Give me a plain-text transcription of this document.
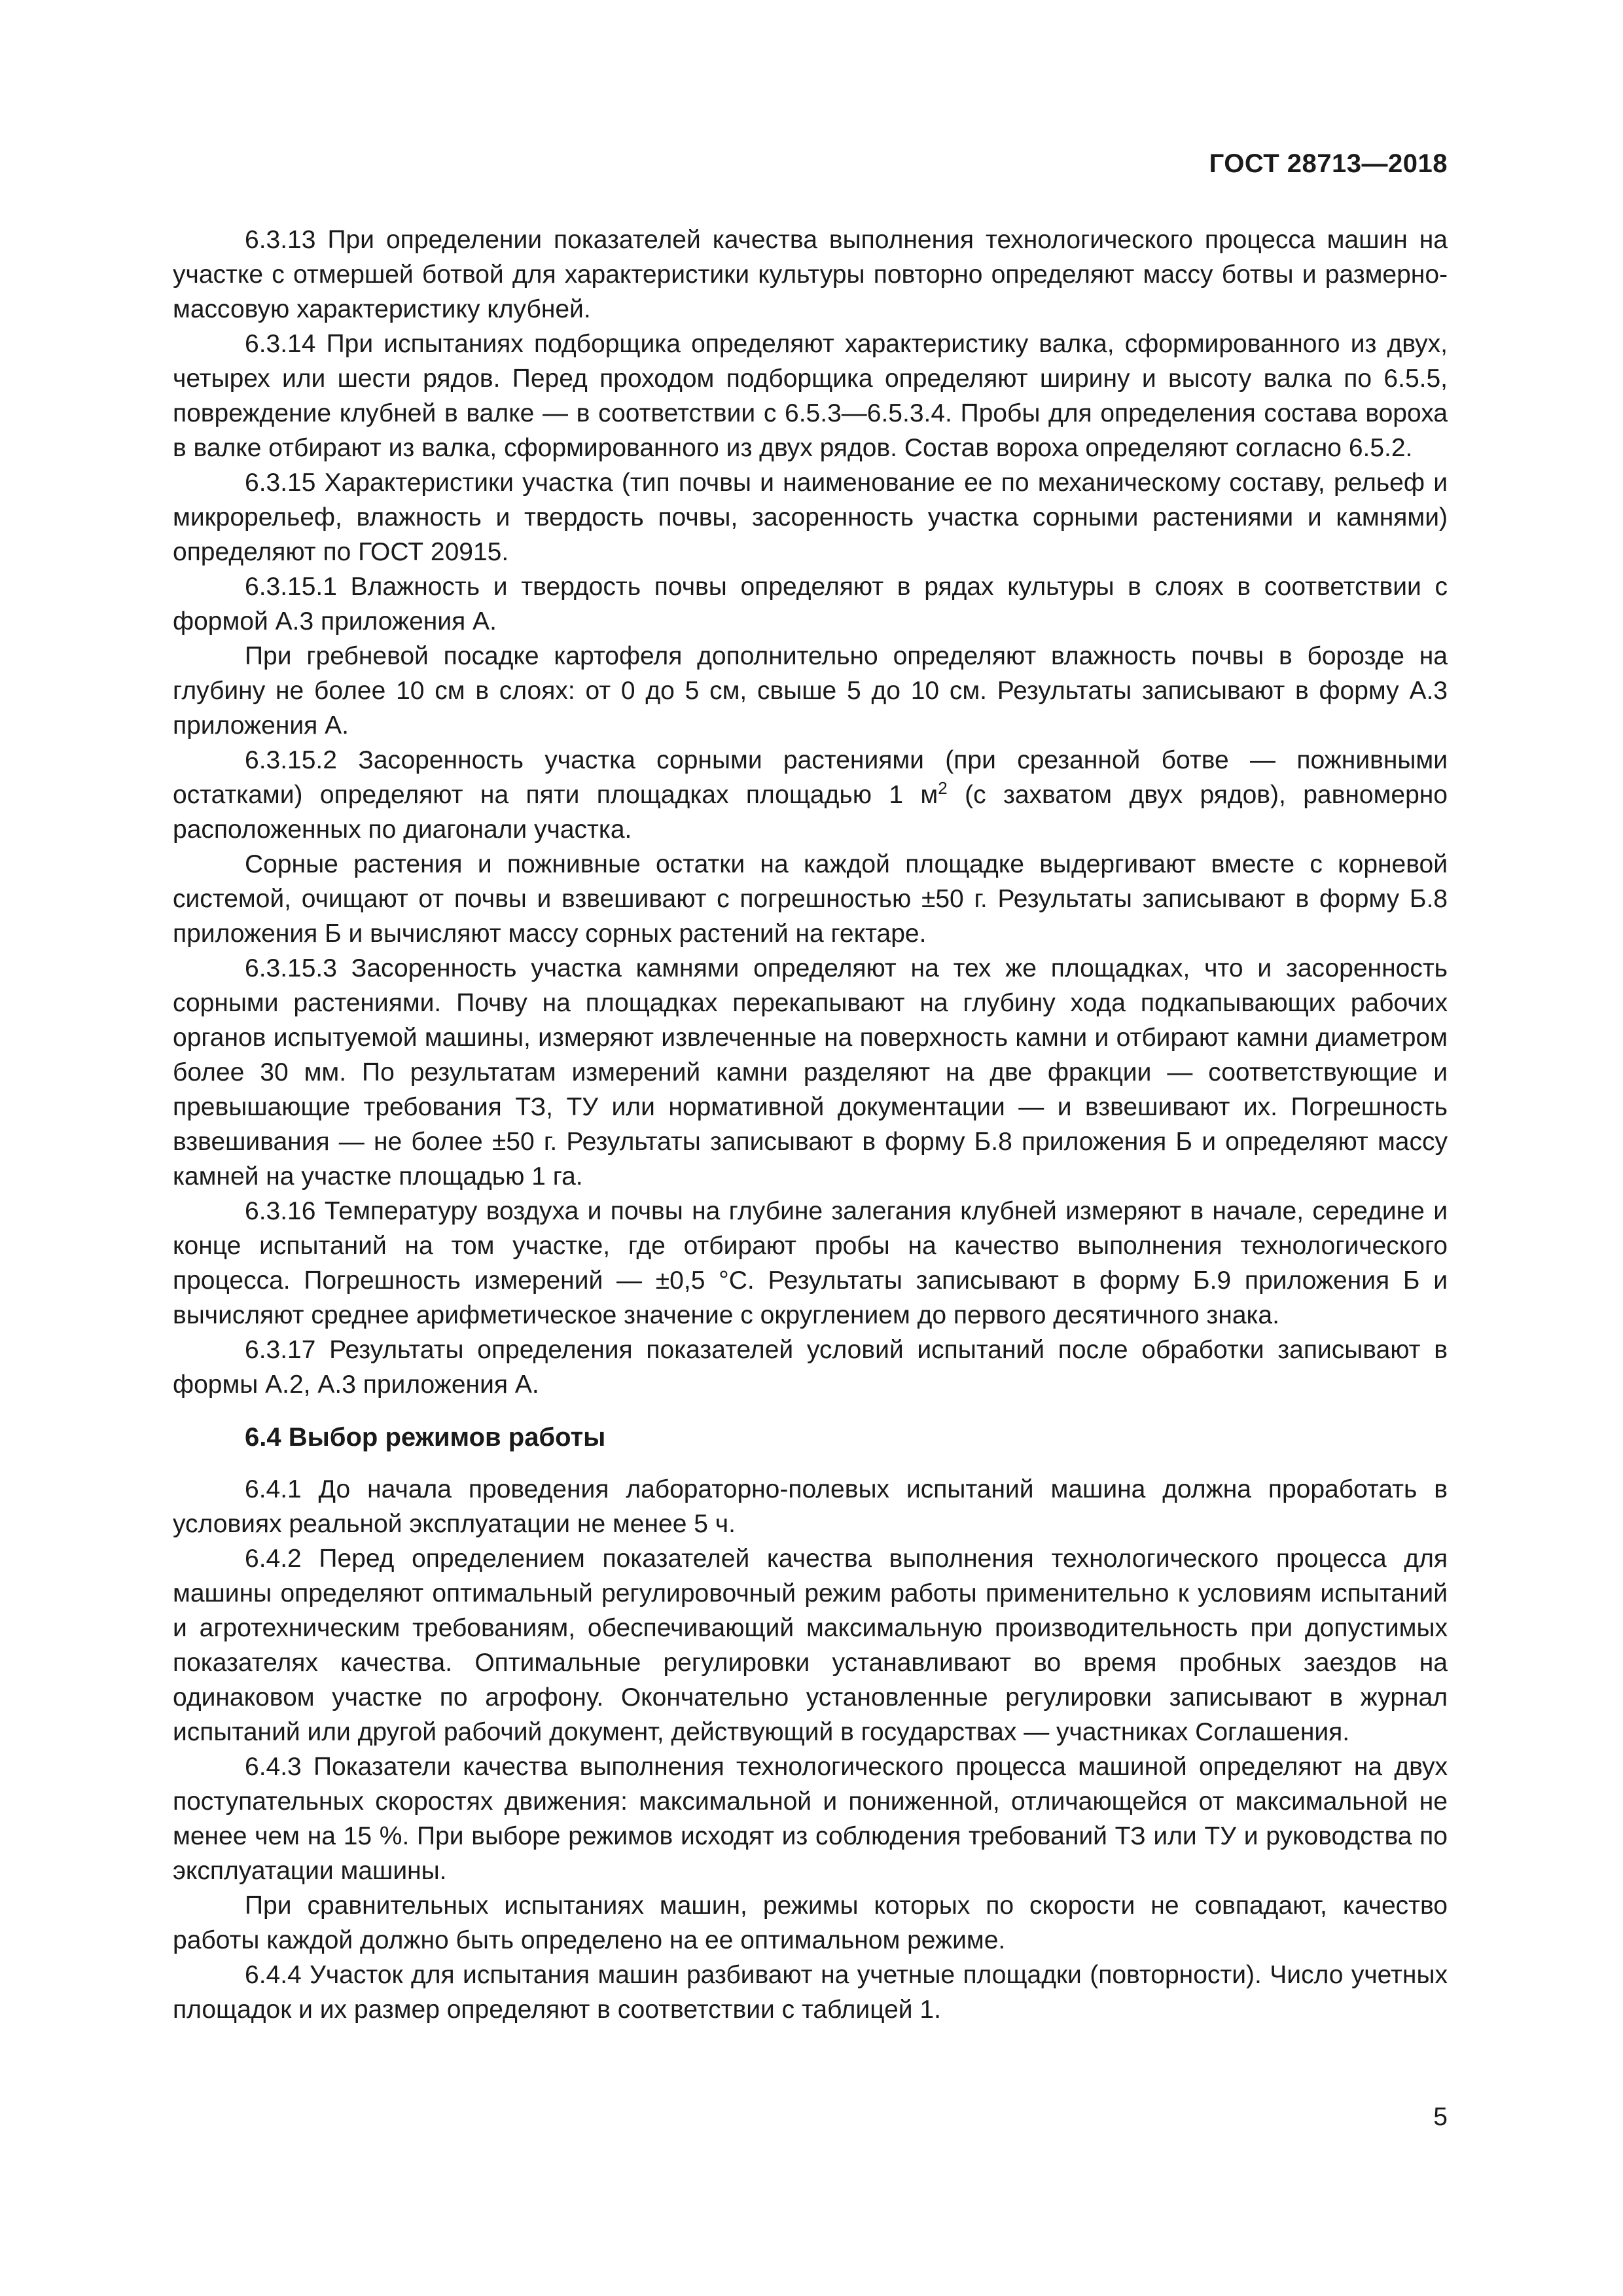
ГОСТ 28713—2018

6.3.13 При определении показателей качества выполнения технологического процесса машин на участке с отмершей ботвой для характеристики культуры повторно определяют массу ботвы и размерно-массовую характеристику клубней.

6.3.14 При испытаниях подборщика определяют характеристику валка, сформированного из двух, четырех или шести рядов. Перед проходом подборщика определяют ширину и высоту валка по 6.5.5, повреждение клубней в валке — в соответствии с 6.5.3—6.5.3.4. Пробы для определения состава вороха в валке отбирают из валка, сформированного из двух рядов. Состав вороха определяют согласно 6.5.2.

6.3.15 Характеристики участка (тип почвы и наименование ее по механическому составу, рельеф и микрорельеф, влажность и твердость почвы, засоренность участка сорными растениями и камнями) определяют по ГОСТ 20915.

6.3.15.1 Влажность и твердость почвы определяют в рядах культуры в слоях в соответствии с формой А.3 приложения А.

При гребневой посадке картофеля дополнительно определяют влажность почвы в борозде на глубину не более 10 см в слоях: от 0 до 5 см, свыше 5 до 10 см. Результаты записывают в форму А.3 приложения А.

6.3.15.2 Засоренность участка сорными растениями (при срезанной ботве — пожнивными остатками) определяют на пяти площадках площадью 1 $м^2$ (с захватом двух рядов), равномерно расположенных по диагонали участка.

Сорные растения и пожнивные остатки на каждой площадке выдергивают вместе с корневой системой, очищают от почвы и взвешивают с погрешностью ±50 г. Результаты записывают в форму Б.8 приложения Б и вычисляют массу сорных растений на гектаре.

6.3.15.3 Засоренность участка камнями определяют на тех же площадках, что и засоренность сорными растениями. Почву на площадках перекапывают на глубину хода подкапывающих рабочих органов испытуемой машины, измеряют извлеченные на поверхность камни и отбирают камни диаметром более 30 мм. По результатам измерений камни разделяют на две фракции — соответствующие и превышающие требования ТЗ, ТУ или нормативной документации — и взвешивают их. Погрешность взвешивания — не более ±50 г. Результаты записывают в форму Б.8 приложения Б и определяют массу камней на участке площадью 1 га.

6.3.16 Температуру воздуха и почвы на глубине залегания клубней измеряют в начале, середине и конце испытаний на том участке, где отбирают пробы на качество выполнения технологического процесса. Погрешность измерений — ±0,5 °С. Результаты записывают в форму Б.9 приложения Б и вычисляют среднее арифметическое значение с округлением до первого десятичного знака.

6.3.17 Результаты определения показателей условий испытаний после обработки записывают в формы А.2, А.3 приложения А.

6.4 Выбор режимов работы

6.4.1 До начала проведения лабораторно-полевых испытаний машина должна проработать в условиях реальной эксплуатации не менее 5 ч.

6.4.2 Перед определением показателей качества выполнения технологического процесса для машины определяют оптимальный регулировочный режим работы применительно к условиям испытаний и агротехническим требованиям, обеспечивающий максимальную производительность при допустимых показателях качества. Оптимальные регулировки устанавливают во время пробных заездов на одинаковом участке по агрофону. Окончательно установленные регулировки записывают в журнал испытаний или другой рабочий документ, действующий в государствах — участниках Соглашения.

6.4.3 Показатели качества выполнения технологического процесса машиной определяют на двух поступательных скоростях движения: максимальной и пониженной, отличающейся от максимальной не менее чем на 15 %. При выборе режимов исходят из соблюдения требований ТЗ или ТУ и руководства по эксплуатации машины.

При сравнительных испытаниях машин, режимы которых по скорости не совпадают, качество работы каждой должно быть определено на ее оптимальном режиме.

6.4.4 Участок для испытания машин разбивают на учетные площадки (повторности). Число учетных площадок и их размер определяют в соответствии с таблицей 1.

5
